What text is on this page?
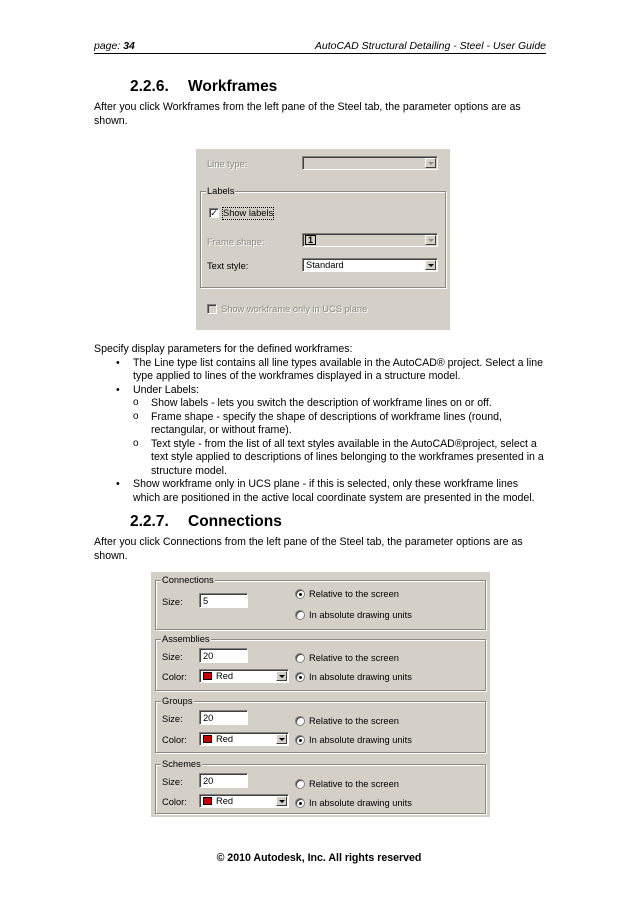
page: 34	AutoCAD Structural Detailing - Steel - User Guide
2.2.6. Workframes

After you click Workframes from the left pane of the Steel tab, the parameter options are as shown.

Line type:
Labels
✓ Show labels
Frame shape:	1
Text style:	Standard
Show workframe only in UCS plane

Specify display parameters for the defined workframes:

• The Line type list contains all line types available in the AutoCAD® project. Select a line type applied to lines of the workframes displayed in a structure model.
• Under Labels:
o Show labels - lets you switch the description of workframe lines on or off.
o Frame shape - specify the shape of descriptions of workframe lines (round, rectangular, or without frame).
o Text style - from the list of all text styles available in the AutoCAD®project, select a text style applied to descriptions of lines belonging to the workframes presented in a structure model.
• Show workframe only in UCS plane - if this is selected, only these workframe lines which are positioned in the active local coordinate system are presented in the model.
2.2.7. Connections

After you click Connections from the left pane of the Steel tab, the parameter options are as shown.

Connections
Size: 5
Relative to the screen
In absolute drawing units
Assemblies
Size: 20
Color:	Red
Relative to the screen
In absolute drawing units
Groups
Size: 20
Color:	Red
Relative to the screen
In absolute drawing units
Schemes
Size: 20
Color:	Red
Relative to the screen
In absolute drawing units
© 2010 Autodesk, Inc. All rights reserved
